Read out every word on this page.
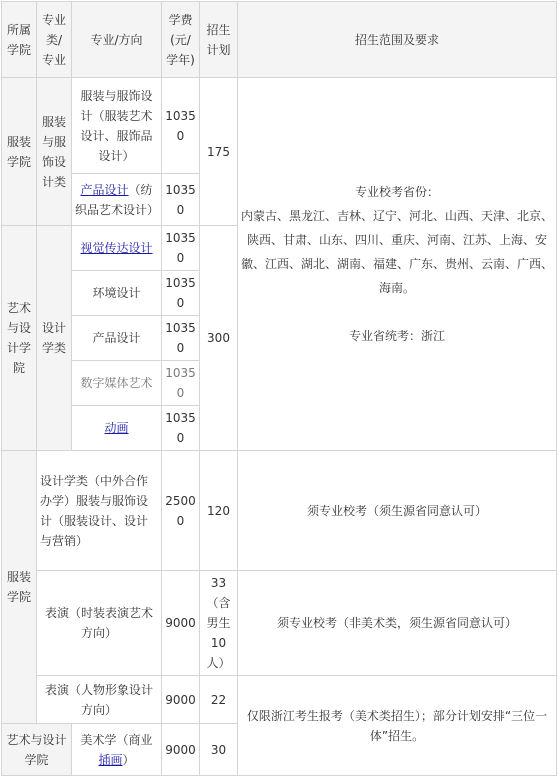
所属学院	专业类/专业	专业/方向	学费(元/学年)	招生计划	招生范围及要求
服装学院	服装与服饰设计类	服装与服饰设计（服装艺术设计、服饰品设计）	10350	175	专业校考省份：
内蒙古、黑龙江、吉林、辽宁、河北、山西、天津、北京、陕西、甘肃、山东、四川、重庆、河南、江苏、上海、安徽、江西、湖北、湖南、福建、广东、贵州、云南、广西、海南。
专业省统考：浙江
		产品设计（纺织品艺术设计）	10350		
艺术与设计学院	设计学类	视觉传达设计	10350	300	
		环境设计	10350		
		产品设计	10350		
		数字媒体艺术	10350		
		动画	10350		
服装学院	设计学类（中外合作办学）服装与服饰设计（服装设计、设计与营销）		25000	120	须专业校考（须生源省同意认可）
	表演（时装表演艺术方向）		9000	33（含男生10人）	须专业校考（非美术类，须生源省同意认可）
	表演（人物形象设计方向）		9000	22	仅限浙江考生报考（美术类招生）；部分计划安排“三位一体”招生。
艺术与设计学院		美术学（商业插画）	9000	30	
